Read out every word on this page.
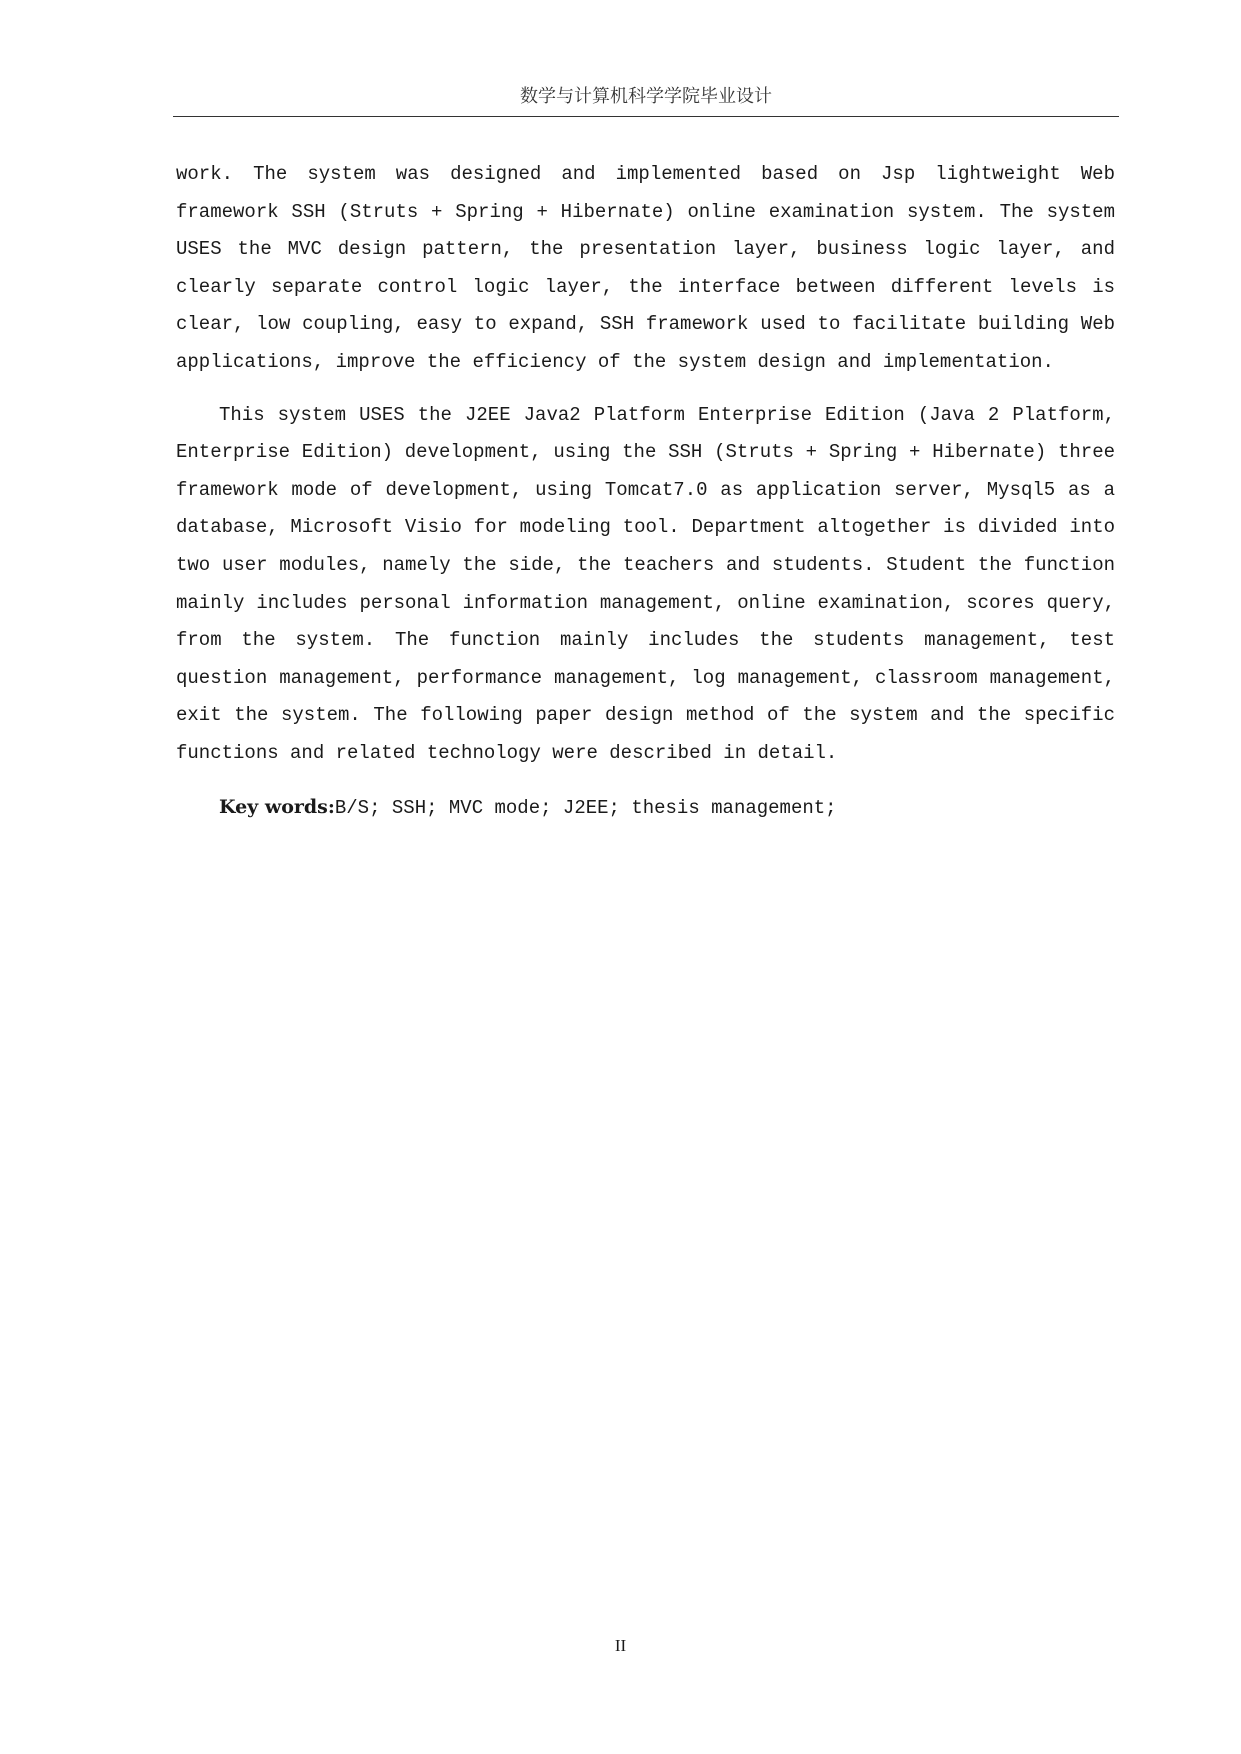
数学与计算机科学学院毕业设计

work. The system was designed and implemented based on Jsp lightweight Web framework SSH (Struts + Spring + Hibernate) online examination system. The system USES the MVC design pattern, the presentation layer, business logic layer, and clearly separate control logic layer, the interface between different levels is clear, low coupling, easy to expand, SSH framework used to facilitate building Web applications, improve the efficiency of the system design and implementation.

This system USES the J2EE Java2 Platform Enterprise Edition (Java 2 Platform, Enterprise Edition) development, using the SSH (Struts + Spring + Hibernate) three framework mode of development, using Tomcat7.0 as application server, Mysql5 as a database, Microsoft Visio for modeling tool. Department altogether is divided into two user modules, namely the side, the teachers and students. Student the function mainly includes personal information management, online examination, scores query, from the system. The function mainly includes the students management, test question management, performance management, log management, classroom management, exit the system. The following paper design method of the system and the specific functions and related technology were described in detail.

Key words:B/S; SSH; MVC mode; J2EE; thesis management;
II
